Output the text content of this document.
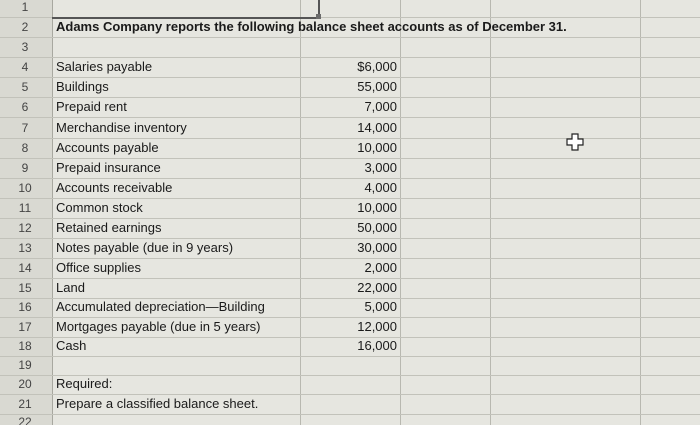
1
2	Adams Company reports the following balance sheet accounts as of December 31.
3
4	Salaries payable	$6,000
5	Buildings	55,000
6	Prepaid rent	7,000
7	Merchandise inventory	14,000
8	Accounts payable	10,000
9	Prepaid insurance	3,000
10	Accounts receivable	4,000
11	Common stock	10,000
12	Retained earnings	50,000
13	Notes payable (due in 9 years)	30,000
14	Office supplies	2,000
15	Land	22,000
16	Accumulated depreciation—Building	5,000
17	Mortgages payable (due in 5 years)	12,000
18	Cash	16,000
19
20	Required:
21	Prepare a classified balance sheet.
22
